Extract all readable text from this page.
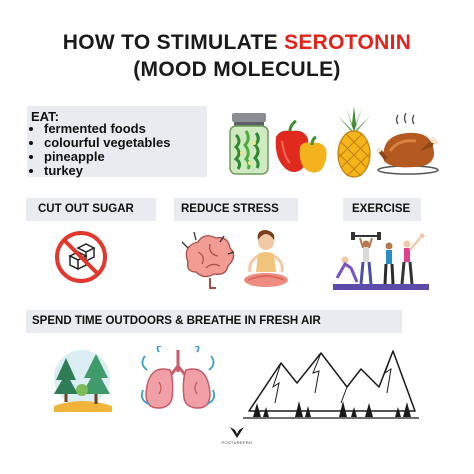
HOW TO STIMULATE SEROTONIN
(MOOD MOLECULE)
EAT:
• fermented foods
• colourful vegetables
• pineapple
• turkey
CUT OUT SUGAR	REDUCE STRESS	EXERCISE
SPEND TIME OUTDOORS & BREATHE IN FRESH AIR
POSTUREPRO
